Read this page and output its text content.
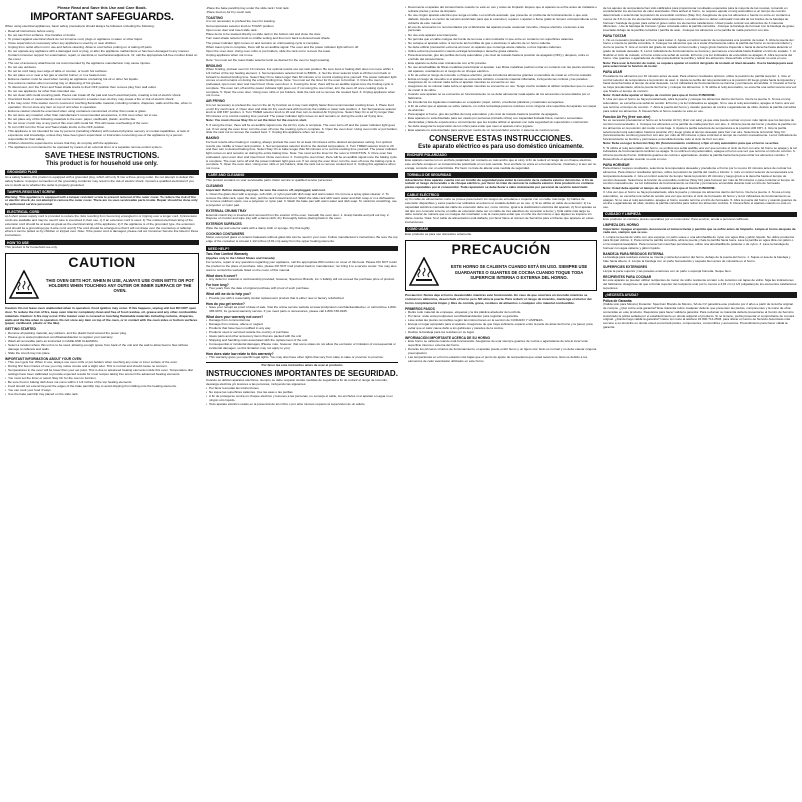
Please Read and Save this Use and Care Book.
IMPORTANT SAFEGUARDS.
When using electrical appliances, basic safety precautions should always be followed, including the following:
• Read all instructions before using.
• Do not touch hot surfaces. Use handles or knobs.
• To protect against electrical shock do not immerse cord, plugs or appliance in water or other liquid.
• Close supervision is necessary when any appliance is used by or near children.
• Unplug from outlet when not in use and before cleaning. Allow to cool before putting on or taking off parts.
• Do not operate any appliance with a damaged cord or plug, or after the appliance malfunctions or has been damaged in any manner. Contact consumer support for examination, repair, or electrical or mechanical adjustment. Or, call the appropriate toll-free number listed on the cover.
• The use of accessory attachments not recommended by the appliance manufacturer may cause injuries.
• Do not use outdoors.
• Do not let cord hang over edge of table or counter, or touch hot surfaces.
• Do not place on or near a hot gas or electric burner, or in a heated oven.
• Extreme caution must be used when moving an appliance containing hot oil or other hot liquids.
• Use extreme caution when removing tray or disposing of hot grease.
• To disconnect, turn the Timer and Toast shade knobs to their OFF position then remove plug from wall outlet.
• Do not use appliance for other than intended use.
• Do not clean with metal scouring pads. Pieces can break off the pad and touch electrical parts, creating a risk of electric shock.
• Oversized foods or metal utensils must not be inserted in a toaster oven as they may create a fire or risk of electric shock.
• A fire may occur if the toaster oven is covered or touching flammable material, including curtains, draperies, walls and the like, when in operation. Do not store any item on top of unit when in operation.
• Extreme caution should be exercised when using containers constructed of other than metal or glass.
• Do not store any material, other than manufacturer's recommended accessories, in this oven when not in use.
• Do not place any of the following materials in the oven: paper, cardboard, plastic, and the like.
• Do not cover crumb tray or any part of this oven with metal foil. This will cause overheating of the oven.
• To turn OFF turn the Timer and Toast shade knobs to the OFF position.
• This appliance is not intended for use by persons (including children) with reduced physical, sensory or mental capabilities, or lack of experience and knowledge, unless they have been given supervision or instruction concerning use of the appliance by a person responsible for their safety.
• Children should be supervised to ensure that they do not play with the appliance.
• The appliance is not intended to be operated by means of an external timer or a separate remote-control system.
SAVE THESE INSTRUCTIONS.
This product is for household use only.
GROUNDED PLUG
As a safety feature, this product is equipped with a grounded plug, which will only fit into a three-prong outlet. Do not attempt to defeat this safety feature. Improper connection of the grounding conductor may result in the risk of electric shock. Consult a qualified electrician if you are in doubt as to whether the outlet is properly grounded.
TAMPER-RESISTANT SCREW
Warning: This appliance is equipped with a tamper-resistant screw to prevent removal of the outer cover. To reduce the risk of fire or electric shock, do not attempt to remove the outer cover. There are no user-serviceable parts inside. Repair should be done only by authorized service personnel.
ELECTRICAL CORD
a) A short power-supply cord is provided to reduce the risks resulting from becoming entangled in or tripping over a longer cord. b) Extension cords are available and may be used if care is exercised in their use. c) If an extension cord is used: 1) The marked electrical rating of the extension cord should be at least as great as the electrical rating of the appliance; 2) If the appliance is of the grounded type, the extension cord should be a grounding-type 3-wire cord; and 3) The cord should be arranged so that it will not drape over the countertop or tabletop where it can be pulled on by children or tripped over. Note: If the power cord is damaged, please call our Customer Service line listed in these instructions.
HOW TO USE
This product is for household use only.
CAUTION
THIS OVEN GETS HOT. WHEN IN USE, ALWAYS USE OVEN MITTS OR POT HOLDERS WHEN TOUCHING ANY OUTER OR INNER SURFACE OF THE OVEN.
Caution: Do not leave oven unattended when in operation. Food ignition may occur. If this happens, unplug unit but DO NOT open door. To reduce the risk of fire, keep oven interior completely clean and free of food residue, oil, grease and any other combustible materials. Caution: A fire may occur if the toaster oven is covered or touching flammable materials including curtains, draperies, walls and the like when in operation. Do not store any item on top of the oven, or in contact with the oven sides or bottom surfaces (paper, cardboard, plastic or the like).
GETTING STARTED
• Remove all packing material, any stickers, and the plastic band around the power plug.
• Please go to www.prodprotect.com/blackanddecker to register your warranty.
• Wash all removable parts as instructed in CARE AND CLEANING.
• Select a location where this unit is to be used, allowing enough space from back of the unit and the wall to allow heat to flow without damage to cabinets and walls.
• Slide the crumb tray into place.
IMPORTANT INFORMATION ABOUT YOUR OVEN
• This oven gets hot. When in use, always use oven mitts or pot holders when touching any outer or inner surface of the oven.
• During first few minutes of use you may notice smoke and a slight odor. This is normal and should cause no concern.
• Temperatures in the oven will be lower than your set point. This is due to advanced heating elements inside this oven. Temperature dial settings have been calibrated to provide expected results for most recipes taking into account the advanced heating elements.
• You must set the timer or select Stay On for the oven to function.
• Be sure food or baking dish does not come within 1 1/2 inches of the top heating elements.
• Food should not extend beyond the edges of the bake pan/drip tray to avoid dripping from falling onto the heating elements.
• You can cook your food 3 ways.
• Use the bake pan/drip tray placed on the slide rack.
-Place the bake pan/drip tray under the slide rack / broil rack.
-Place food on Air Fry mesh rack
TOASTING
It is not necessary to preheat the oven for toasting.
Set temperature selector knob to TOAST position.
Open oven door and insert slide rack.
Place items to be toasted directly on slide rack in the bottom slot and close the door.
Turn toast shade selector knob to middle setting and then turn back to desired toast shade.
The power indicator light comes on and remains on until toasting cycle is complete.
When toast cycle is complete, there will be an audible signal. The oven and the power indicator light will turn off.
Open the oven door. Using oven mitts or pot holders, slide the rack out to remove the toast.
Unplug appliance when not in use.
Note: You must set the toast shade selector knob as desired for the oven to begin toasting.
BROILING
When broiling, preheat oven for 10 minutes. For optimal results use top rack position. Be sure food or baking dish does not come within 1 1/2 inches of the top heating element. 1. Set temperature selector knob to BROIL. 2. Set the timer selector knob to 20 then turn back or forward to desired broiling time. Select Stay On to bake longer than 60 minutes or to control cooking time yourself. The power indicator light comes on and remains on during the entire broiling time. Note: You must set the timer for the oven to function. 3. Once the oven is preheated, open oven door and insert food. Close oven door. 4. If using the timer, there will be an audible signal once the broiling cycle is complete. The oven turn off and the power indicator light goes out. If not using the oven timer, turn the oven off once cooking cycle is complete. 5. Open the oven door. Using oven mitts or pot holders, slide the rack out to remove the cooked food. 6. Unplug appliance when not in use.
AIR FRYING
It is not necessary to preheat the oven in the air fry function as it may cook slightly faster than recommended cooking times. 1. Place food on Air Fry mesh rack. 2. Open door and slide Air Fry mesh rack with food into the middle or lower rack position. 3. Set Temperature selector knob to AIR FRY position. 4. Turn TIMER selector knob to 20 and then turn to desired Air Frying time. Select Stay On to air fry longer than 60 minutes or to control cooking time yourself. The power indicator light comes on and remains on during the entire air frying time.
Note: You must choose Stay On or set the timer for the oven to start.
5. If using the timer, there will be an audible signal once the Air Fry cycle is complete. The oven turns off and the power indicator light goes out. If not using the oven timer, turn the oven off once the cooking cycle is complete. 6. Open the oven door. Using oven mitts or pot holders, slide the rack out to remove the cooked food. 7. Unplug this appliance when not in use.
BAKING
For best results when baking or cooking, always preheat the oven for at least 10 minutes at the desired temperature setting. For optimal results use middle or lower rack position. 1. Set temperature selector knob to the desired temperature. 2. Turn TIMER selector knob to 20 and then turn to desired baking time. Select Stay On to bake longer than 60 minutes or to control cooking time yourself. The power indicator light comes on and remains on during the entire baking time. Note: You must set the timer for the oven to FUNCTION. 3. Once oven has preheated, open oven door and insert food. Close oven door. 4. If using the oven timer, there will be an audible signal once the baking cycle is complete. The oven turns off and the power indicator light goes out. If not using the oven timer, turn the oven off once the baking cycle is complete. 5. Open the oven door. Using oven mitts or pot holders, slide the rack out to remove cooked food. 6. Unplug this appliance when not in use.
CARE AND CLEANING
This product contains no user serviceable parts. Refer service to qualified service personnel.
CLEANING
Important: Before cleaning any part, be sure the oven is off, unplugged, and cool.
1. Clean the glass door with a sponge, soft cloth, or nylon pad with dish soap and warm water. Do not use a spray glass cleaner. 2. To remove the slide rack, open the door, pull the rack forward and out. Wash the slide rack with warm water and dish soap or in a dishwasher. To remove stubborn spots, use a polyester or nylon pad. 3. Wash the bake pan with warm water and dish soap. To minimize scratching, use a polyester or nylon pad.
EXTERNAL CRUMB TRAY
External crumb tray is inserted and removed from the exterior of the oven, beneath the oven door. 1. Grasp handle and pull out tray. 2. Dispose of crumbs and wipe tray with a damp cloth; dry thoroughly before placing back in the oven.
EXTERIOR SURFACES
Wipe the top and exterior walls with a damp cloth or sponge. Dry thoroughly.
COOKING CONTAINERS
Metal, ovenproof glass or ceramic bakeware without glass lids can be used in your oven. Follow manufacturer's instructions. Be sure the top edge of the container is at least 1 1/2 inches (3.81 cm) away from the upper heating elements.
NEED HELP?
Two-Year Limited Warranty
(Applies only in the United States and Canada)
For service, repair or any questions regarding your appliance, call the appropriate 800 number on cover of this book. Please DO NOT return the product to the place of purchase. Also, please DO NOT mail product back to manufacturer, nor bring it to a service center. You may also want to consult the website listed on the cover of this manual.
What does it cover?
• Any defect in material or workmanship provided; however, Spectrum Brands, Inc.'s liability will not exceed the purchase price of product.
For how long?
• Two years from the date of original purchase with proof of such purchase.
What will we do to help you?
• Provide you with a reasonably similar replacement product that is either new or factory refurbished.
How do you get service?
• Save your receipt as proof of date of sale. Visit the online service website at www.prodprotect.com/blackanddecker, or call toll-free 1-800-465-6070, for general warranty service. If you need parts or accessories, please call 1-800-738-0245.
What does your warranty not cover?
• Damage from commercial use
• Damage from misuse, abuse or neglect
• Products that have been modified in any way
• Products used or serviced outside the country of purchase
• Glass parts and other accessory items that are packed with the unit
• Shipping and handling costs associated with the replacement of the unit
• Consequential or incidental damages (Please note, however, that some states do not allow the exclusion or limitation of consequential or incidental damages, so this limitation may not apply to you)
How does state law relate to this warranty?
• This warranty gives you specific legal rights. You may also have other rights that vary from state to state or province to province.
Por favor lea este instructivo antes de usar el producto
INSTRUCCIONES IMPORTANTES DE SEGURIDAD.
Cuando se utilizan aparatos eléctricos, siempre se debe respetar ciertas medidas de seguridad a fin de reducir el riesgo de incendio, descarga eléctrica y/o lesiones a las personas, incluyendo las siguientes:
• Por favor lea todas las instrucciones.
• No toque las superficies calientes. Use las asas o las perillas.
• A fin de protegerse contra un choque eléctrico y lesiones a las personas, no sumerja el cable, los enchufes ni el aparato en agua ni en ningún otro líquido.
• Todo aparato eléctrico usado en la presencia de los niños o por ellos mismos requiere la supervisión de un adulto.
• Desconecte el aparato del tomacorriente cuando no esté en uso y antes de limpiarlo. Espere que el aparato se enfríe antes de instalarle o retirarle piezas y antes de limpiarlo.
• No use ningún aparato eléctrico que tenga el cable o el enchufe averiado, que presente un problema de funcionamiento o que esté dañado. Acuda a un centro de servicio autorizado para que lo examinen, reparen o ajusten o llame gratis al número correspondiente en la cubierta de este manual.
• El uso de accesorios no recomendados por el fabricante del aparato puede ocasionar incendio, choque eléctrico o lesiones a las personas.
• No use este aparato a la intemperie.
• No permita que el cable cuelgue del borde de la mesa o del mostrador ni que entre en contacto con superficies calientes.
• No coloque el aparato sobre ni cerca de las hornillas de gas o eléctricas ni adentro de un horno caliente.
• Se debe utilizar precaución extrema al mover un aparato que contenga aceite caliente u otros líquidos calientes.
• Utilice extrema precaución cuando extraiga la bandeja o deseche grasa caliente.
• Para desconectar, gire las perillas del reloj automático y de nivel de tostado hasta la posición de apagado (OFF) y después, retire el enchufe del tomacorriente.
• Este aparato se debe usar únicamente con el fin previsto.
• No use almohadillas de fibras metálicas para limpiar el aparato. Las fibras metálicas podrían entrar en contacto con las piezas eléctricas del aparato, resultando en el riesgo de un choque eléctrico.
• A fin de evitar el riesgo de incendio o choque eléctrico, jamás introduzca alimentos grandes ni utensilios de metal en el horno tostador.
• Existe el riesgo de incendio si el aparato se encuentra cubierto o tocando material inflamable, incluyendo las cortinas y las paredes. Asegúrese de no colocar nada sobre el aparato mientras se encuentre en uso.
• Asegúrese de no colocar nada sobre el aparato mientras se encuentre en uso. Tenga mucho cuidado al utilizar recipientes que no sean de metal ni de vidrio.
• Cuando este aparato no se encuentre en funcionamiento no se debe almacenar nada aparte de los accesorios recomendados por el fabricante.
• No introduzca los siguientes materiales en el aparato: papel, cartón, envolturas plásticas y materiales semejantes.
• A fin de evitar que el aparato se sobre caliente, no cubra la bandeja para los residuos como ninguna otra superficie del aparato con papel de aluminio.
• Para apagar el horno, gire las perillas del reloj automático y de nivel de tostado hasta la posición de apagado.
• Este aparato no está diseñado para ser usado por personas (incluido niños) con capacidad limitada física, mental o sensoriales disminuidas y falta de experiencia o conocimiento que les impida utilizar el aparato con toda seguridad sin supervisión o instrucción.
• Se debe asegurar la supervisión de los niños para evitar que usen el aparato como juguete.
• Este aparato no está diseñado para operar por medio de un temporizador exterior o sistema de control remoto.
CONSERVE ESTAS INSTRUCCIONES.
Este aparato eléctrico es para uso doméstico únicamente.
ENCHUFE POLARIZADO
Este aparato cuenta con un enchufe polarizado (un contacto es más ancho que el otro). A fin de reducir el riesgo de un choque eléctrico, este enchufe encaja en un tomacorriente polarizado en un solo sentido. Si el enchufe no entra en el tomacorriente, inviértalo y si aun así no encaja, consulte con un electricista. Por favor no trate de alterar esta medida de seguridad.
TORNILLO DE SEGURIDAD
Advertencia: Este aparato cuenta con un tornillo de seguridad para evitar la remoción de la cubierta exterior del mismo. A fin de reducir el riesgo de incendio o de choque eléctrico, por favor no trate de remover la cubierta exterior. Este producto no contiene piezas reparables por el consumidor. Toda reparación se debe llevar a cabo únicamente por personal de servicio autorizado.
CABLE ELÉCTRICO
a) Un cable de alimentación corto se provee para reducir los riesgos de enredarse o tropezar con un cable más largo. b) Cables de extensión disponibles y estos pueden ser utilizados al extremo el cuidado debido en su uso. c) Si se utiliza un cable de extensión: 1) La capacidad eléctrica marcada del cable de extensión debe ser, como mínimo, igual a la clasificación eléctrica del aparato; 2) Si el aparato es del tipo con conexión a tierra, el cable de extensión debe ser un cable de tres alambres de conexión a tierra; y 3) El cable más largo se debe colocar de manera que no cuelgue del mostrador o de la mesa para evitar que un niño tire del mismo o que alguien se tropiece sin darse cuenta. Nota: Si el cable de alimentación está dañado, por favor llame al número de Servicios para el Cliente que aparece en estas instrucciones.
COMO USAR
Este producto es para uso doméstico solamente.
PRECAUCIÓN
ESTE HORNO SE CALIENTA CUANDO ESTÁ EN USO. SIEMPRE USE GUARDANTES O GUANTES DE COCINA CUANDO TOQUE TODA SUPERFICIE INTERNA O EXTERNA DEL HORNO.
Precaución: Nunca deje el horno desatendido mientras esté funcionando. En caso de que ocurriera un incendio mientras se cocinan los alimentos, desenchufe el horno pero NO abra la puerta. Para reducir el riesgo de incendio, mantenga el interior del horno completamente limpio y libre de comida, grasa, residuos de alimentos o cualquier otro material combustible.
PRIMEROS PASOS
• Retire todo material de empaque, etiquetas y la tira plástica alrededor del enchufe.
• Por favor, visite www.prodprotect.com/blackanddecker para registrar su garantía.
• Lave todas las piezas removibles según las instrucciones en la sección de CUIDADO Y LIMPIEZA.
• Escoja un lugar apropiado para el aparato. Asegúrese de que haya suficiente espacio entre la parte de atrás del horno y la pared, para evitar que el calor cause daño a los gabinetes y paredes de la cocina.
• Deslice la bandeja para los residuos en su lugar.
INFORMACIÓN IMPORTANTE ACERCA DE SU HORNO
• Este horno se calienta cuando está funcionando. Asegúrese de usar siempre guantes de cocina o agarraderas de tela al tocar toda superficie interna o externa del horno.
• Durante los primeros minutos de funcionamiento, el aparato puede emitir humo y un ligero olor. Esto es normal y no debe causar ninguna preocupación.
• Las temperaturas en el horno estarán más bajas que el punto de ajuste de temperatura que usted seleccione. Esto se debido a los elementos de calor avanzados utilizados en este horno.
de los ajustes de temperatura han sido calibrados para proporcionar resultados esperados para la mayoría de las recetas, tomando en consideración los elementos de calor avanzados. Para activar el horno, se requiere ajustar el reloj automático a un tiempo de cocción determinado o seleccionar la posición de encendido continuo (Stay On). Asegúrese de que los alimentos o fuente no entre en contacto a menos de 3,8 cm de los elementos calefactores superiores. Los alimentos no deben sobresalir más allá de los bordes de la bandeja de hornear / bandeja de goteo para evitar el goteo sobre los elementos calefactores. Usted puede cocinar sus alimentos de 3 maneras diferentes. -Use la bandeja de hornear / goteo colocada sobre la parrilla corrediza. -Coloque la bandeja de hornear con la bandeja de goteo, insertada debajo de la parrilla corrediza / parrilla de asar. -Coloque los alimentos en la parrilla de malla para freír con aire.
PARA TOSTAR
1. No es necesario precalentar el horno para tostar. 2. Ajuste el control selector de temperatura a la posición de tostar. 3. Abra la puerta del horno e inserte la parrilla corrediza. 4. Coloque los alimentos que va a tostar directamente sobre la parrilla del horno en la ranura inferior y cierre la puerta. 5. Gire el control del grado de tostado al nivel medio y luego gírelo hacia la izquierda o hacia la derecha hasta alcanzar el grado de tostado deseado. 6. La luz indicadora de funcionamiento se ilumina y permanece encendida hasta finalizar el ciclo de tostado. 7. Al finalizar el ciclo de tostado, el horno emite una señal de sonido. El horno y la luz indicadora de encendido se apagan. 8. Abra la puerta del horno. Use guantes o agarraderas de ollas para deslizar la parrilla y retirar los alimentos. Desenchufe el horno cuando no esté en uso.
Nota: Para usar la función de tostar, se requiere ajustar el control del grado de tostado al nivel deseado. Use la bandeja para asar para seleccionar la función de tostar.
PARA ASAR
Precaliente los alimentos por 10 minutos antes de asar. Para obtener resultados óptimos, utilice la posición de parrilla superior. 1. Gire el control selector de temperatura a la posición de asar. 2. Ajuste la perilla del reloj automático a la posición 20 luego gírela hacia la izquierda y hacia derecha hasta el tiempo de asar deseado. La luz indicadora de funcionamiento se ilumina y permanece encendida. 3. Cuando el horno se haya precalentado, abra la puerta del horno y coloque los alimentos. 4. Si utiliza el reloj automático, se escucha una señal sonora una vez que finalice el tiempo de cocción.
Nota: Usted debe ajustar el tiempo de cocción para que el horno FUNCIONE.
5. Una vez que el horno se haya precalentado, abra la puerta y coloque los alimentos dentro del horno. Cierre la puerta. 6. Si usa el reloj automático, se escucha una señal de sonido. El horno y la luz indicadora se apagan. Si no usa el reloj automático, apague el horno una vez que termine el tiempo de cocción. 7. Abra la puerta del horno y usando guantes de cocina o agarraderas de ollas, deslice la parrilla corrediza para retirar los alimentos. 8. Desenchufe el horno cuando no esté en uso.
Función Air Fry (freír con aire)
No es necesario precalentar el horno en la función Air Fry (freír con aire) ya que ésta puede cocinar un poco más rápido que los tiempos de cocción recomendados. 1. Coloque los alimentos en la parrilla de malla para freír con aire. 2. Abra la puerta del horno y deslice la parrilla con los alimentos en la posición del medio o más baja. 3. Ajuste la perilla selectora de temperatura a la posición AIR FRY. 4. Gire la perilla selectora del reloj automático hasta la posición 20 y luego gírela al tiempo deseado para freír con aire. Seleccione la función Stay On (funcionamiento continuo) para freír con aire por más de 60 minutos o para controlar el tiempo de cocción manualmente. La luz indicadora de funcionamiento se ilumina y permanece encendida durante todo el ciclo de freír con aire.
Nota: Debe escoger la función Stay On (funcionamiento continuo) o fijar el reloj automático para que el horno se active.
5. Si utiliza el reloj automático del horno, se emitirá una señal audible una vez que termine el ciclo de freír con aire. El horno se apaga y la luz indicadora de funcionamiento también se apaga. Si no utiliza el reloj automático, apague el horno una vez que termine el ciclo de cocción. 6. Abra la puerta del horno. Utilizando guantes de cocina o agarraderas, deslice la parrilla hacia fuera para retirar los alimentos cocidos. 7. Desenchufe el aparato cuando no esté en uso.
PARA HORNEAR
Para obtener mejores resultados, seleccione la temperatura deseada y precaliente el horno por lo menos 10 minutos antes de cocinar los alimentos. Para obtener resultados óptimos, utilice la posición de parrilla del medio o inferior. 1. Gire el control selector de temperatura a la temperatura deseada. 2. Gire el control selector de tiempo hasta la posición 20 minutos y luego gírelo a la derecha hasta el tiempo de cocción deseado. Seleccione la función de encendido continuo (Stay On) para hornear por más de 60 minutos o para controlar el tiempo de cocción manualmente. La luz indicadora de funcionamiento se ilumina y permanece encendida durante todo el ciclo de horneado.
Nota: Usted debe ajustar el tiempo de cocción para que el horno FUNCIONE.
3. Una vez que el horno se haya precalentado, abra la puerta y coloque los alimentos dentro del horno. Cierre la puerta. 4. Si usa el reloj automático, se escucha una señal de sonido una vez que termine el ciclo de horneado. El horno y la luz indicadora de funcionamiento se apagan. Si no usa el reloj automático, apague el horno cuando termine el ciclo de horneado. 5. Abra la puerta del horno y usando guantes de cocina o agarraderas de ollas, deslice la parrilla corrediza para retirar los alimentos cocidos. 6. Desenchufe el aparato cuando no esté en uso.
CUIDADO Y LIMPIEZA
Este producto no contiene piezas reparables por el consumidor. Para servicio, acuda a personal calificado.
LIMPIEZA DEL HORNO
Importante: Apague el aparato, desconecte el tomacorriente y permita que se enfríe antes de limpiarlo. Limpie el horno después de cada uso, siempre que se use.
1. Limpie la puerta de vidrio con una esponja, un paño suave o una almohadilla de nylon con agua tibia y jabón líquido. No utilice productos para limpiar vidrios. 2. Para retirar la parrilla corrediza, abra la puerta y hale la parrilla hacia fuera. Lave la parrilla en agua tibia con jabón o en la máquina lavaplatos. Para remover las manchas persistentes, utilice una almohadilla de poliéster o de nylon. 3. Lave la bandeja de hornear con agua caliente y jabón líquido.
BANDEJA PARA RESIDUOS EXTERNA
La bandeja para residuos externa se inserta y retira del exterior del horno, debajo de la puerta del horno. 1. Sujete el asa de la bandeja y hale hacia afuera. 2. Limpie la bandeja con un paño humedecido y séquela bien antes de colocarla en el horno.
SUPERFICIES EXTERIORES
Limpie la parte superior y las paredes exteriores con un paño o esponja húmeda. Seque bien.
RECIPIENTES PARA COCINAR
En este aparato se pueden utilizar recipientes de metal, de vidrio resistente al calor o de cerámico sin tapas de vidrio. Siga las indicaciones del fabricante. Asegúrese de que el borde superior del recipiente esté por lo menos a 3,81 cm (1 1/2 pulgadas) de los elementos calefactores superiores.
¿NECESITA AYUDA?
Póliza de Garantía
(Válida sólo para México) Duración: Spectrum Brands de México, SA de CV garantiza este producto por 2 años a partir de la fecha original de compra. ¿Qué cubre esta garantía? Este Garantía cubre cualquier defecto que presenten las piezas, componentes y la mano de obra contenidas en este producto. Requisitos para hacer válida la garantía: Para reclamar su Garantía deberá presentarse al Centro de Servicio Autorizado la póliza sellada por el establecimiento en donde adquirió el producto. Si no la tiene, podrá presentar el comprobante de compra original. ¿Donde hago válida la garantía? Llame sin costo al teléfono 01 800 714 2503, para ubicar el Centro de Servicio Autorizado más cercano a su domicilio en donde usted encontrará partes, componentes, consumibles y accesorios. Procedimiento para hacer válida la garantía
